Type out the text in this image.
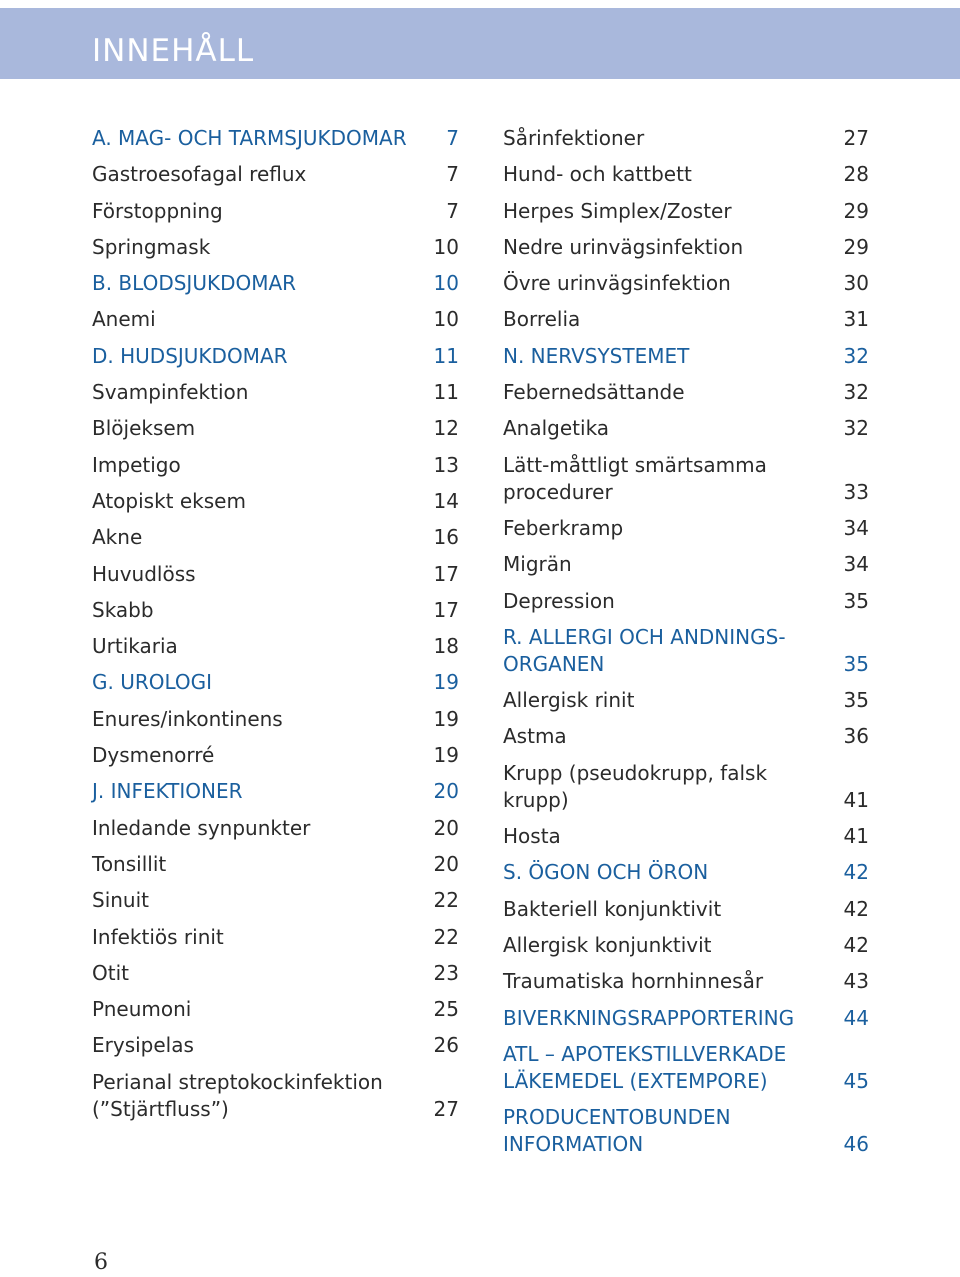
INNEHÅLL
A. MAG- OCH TARMSJUKDOMAR	7
Gastroesofagal reflux	7
Förstoppning	7
Springmask	10
B. BLODSJUKDOMAR	10
Anemi	10
D. HUDSJUKDOMAR	11
Svampinfektion	11
Blöjeksem	12
Impetigo	13
Atopiskt eksem	14
Akne	16
Huvudlöss	17
Skabb	17
Urtikaria	18
G. UROLOGI	19
Enures/inkontinens	19
Dysmenorré	19
J. INFEKTIONER	20
Inledande synpunkter	20
Tonsillit	20
Sinuit	22
Infektiös rinit	22
Otit	23
Pneumoni	25
Erysipelas	26
Perianal streptokockinfektion
(”Stjärtfluss”)	27
Sårinfektioner	27
Hund- och kattbett	28
Herpes Simplex/Zoster	29
Nedre urinvägsinfektion	29
Övre urinvägsinfektion	30
Borrelia	31
N. NERVSYSTEMET	32
Febernedsättande	32
Analgetika	32
Lätt-måttligt smärtsamma
procedurer	33
Feberkramp	34
Migrän	34
Depression	35
R. ALLERGI OCH ANDNINGS-
ORGANEN	35
Allergisk rinit	35
Astma	36
Krupp (pseudokrupp, falsk krupp)	41
Hosta	41
S. ÖGON OCH ÖRON	42
Bakteriell konjunktivit	42
Allergisk konjunktivit	42
Traumatiska hornhinnesår	43
BIVERKNINGSRAPPORTERING	44
ATL – APOTEKSTILLVERKADE
LÄKEMEDEL (EXTEMPORE)	45
PRODUCENTOBUNDEN
INFORMATION	46
6
